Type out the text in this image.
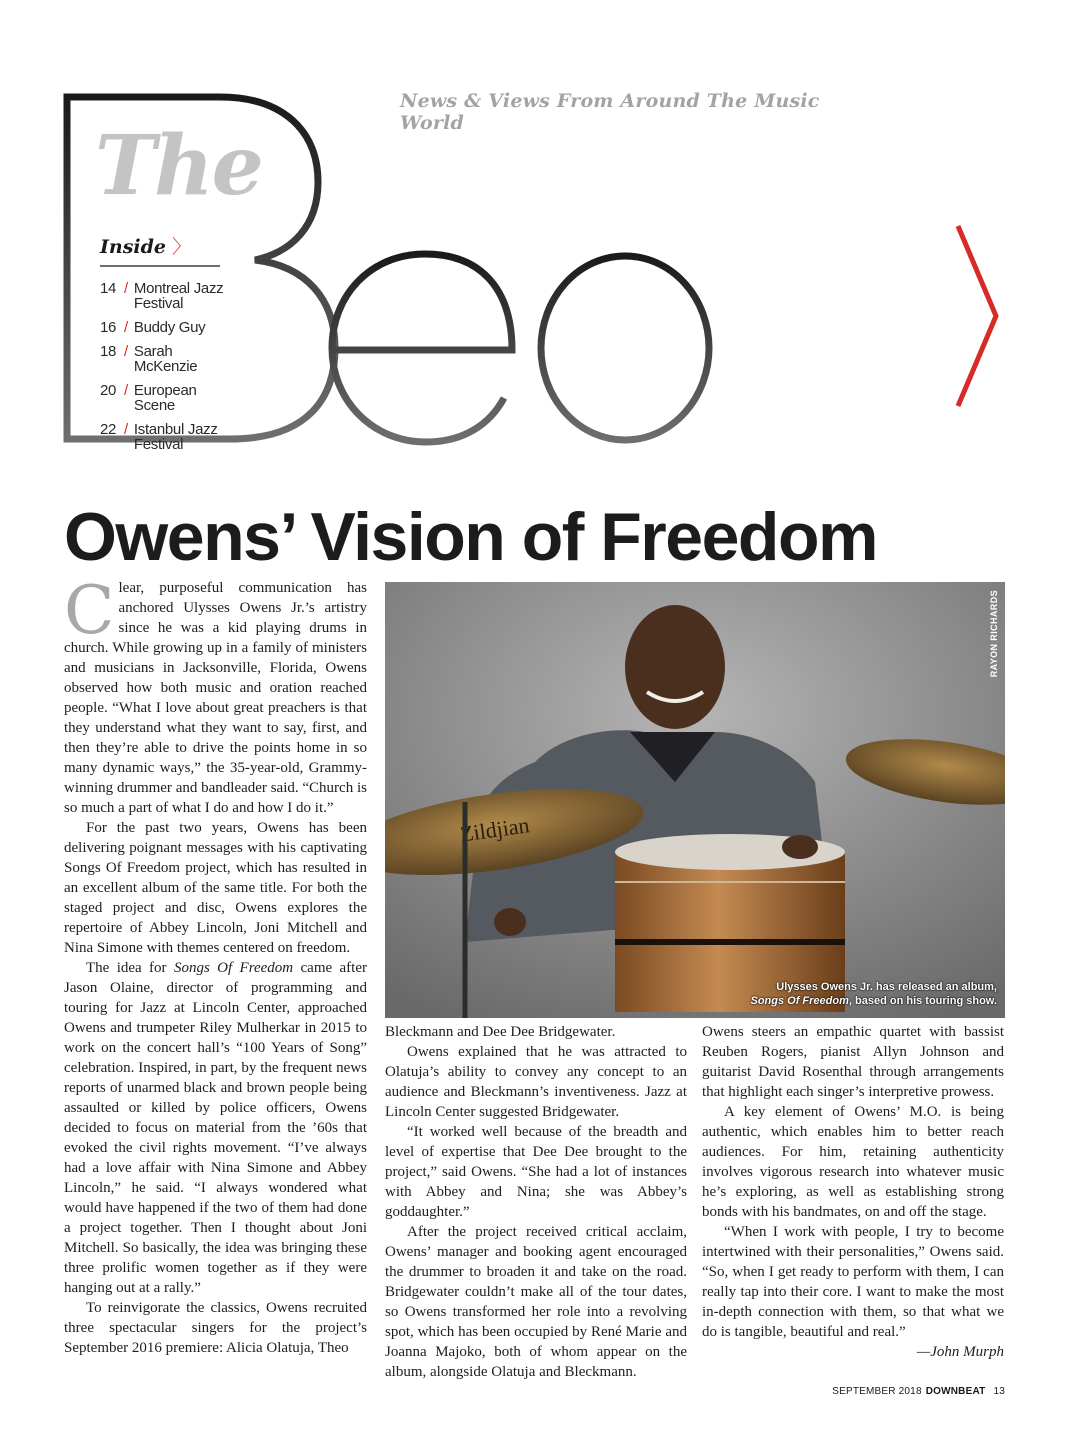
News & Views From Around The Music World
The
Inside 〉
14 / Montreal Jazz Festival
16 / Buddy Guy
18 / Sarah McKenzie
20 / European Scene
22 / Istanbul Jazz Festival
Owens’ Vision of Freedom
Zildjian
RAYON RICHARDS
Ulysses Owens Jr. has released an album,
Songs Of Freedom, based on his touring show.

Clear, purposeful communication has anchored Ulysses Owens Jr.’s artistry since he was a kid playing drums in church. While growing up in a family of ministers and musicians in Jacksonville, Florida, Owens observed how both music and oration reached people. “What I love about great preachers is that they understand what they want to say, first, and then they’re able to drive the points home in so many dynamic ways,” the 35-year-old, Grammy-winning drummer and bandleader said. “Church is so much a part of what I do and how I do it.”

For the past two years, Owens has been delivering poignant messages with his captivating Songs Of Freedom project, which has resulted in an excellent album of the same title. For both the staged project and disc, Owens explores the repertoire of Abbey Lincoln, Joni Mitchell and Nina Simone with themes centered on freedom.

The idea for Songs Of Freedom came after Jason Olaine, director of programming and touring for Jazz at Lincoln Center, approached Owens and trumpeter Riley Mulherkar in 2015 to work on the concert hall’s “100 Years of Song” celebration. Inspired, in part, by the frequent news reports of unarmed black and brown people being assaulted or killed by police officers, Owens decided to focus on material from the ’60s that evoked the civil rights movement. “I’ve always had a love affair with Nina Simone and Abbey Lincoln,” he said. “I always wondered what would have happened if the two of them had done a project together. Then I thought about Joni Mitchell. So basically, the idea was bringing these three prolific women together as if they were hanging out at a rally.”

To reinvigorate the classics, Owens recruited three spectacular singers for the project’s September 2016 premiere: Alicia Olatuja, Theo

Bleckmann and Dee Dee Bridgewater.

Owens explained that he was attracted to Olatuja’s ability to convey any concept to an audience and Bleckmann’s inventiveness. Jazz at Lincoln Center suggested Bridgewater.

“It worked well because of the breadth and level of expertise that Dee Dee brought to the project,” said Owens. “She had a lot of instances with Abbey and Nina; she was Abbey’s goddaughter.”

After the project received critical acclaim, Owens’ manager and booking agent encouraged the drummer to broaden it and take on the road. Bridgewater couldn’t make all of the tour dates, so Owens transformed her role into a revolving spot, which has been occupied by René Marie and Joanna Majoko, both of whom appear on the album, alongside Olatuja and Bleckmann.

Owens steers an empathic quartet with bassist Reuben Rogers, pianist Allyn Johnson and guitarist David Rosenthal through arrangements that highlight each singer’s interpretive prowess.

A key element of Owens’ M.O. is being authentic, which enables him to better reach audiences. For him, retaining authenticity involves vigorous research into whatever music he’s exploring, as well as establishing strong bonds with his bandmates, on and off the stage.

“When I work with people, I try to become intertwined with their personalities,” Owens said. “So, when I get ready to perform with them, I can really tap into their core. I want to make the most in-depth connection with them, so that what we do is tangible, beautiful and real.”

—John Murph

SEPTEMBER 2018 DOWNBEAT 13
